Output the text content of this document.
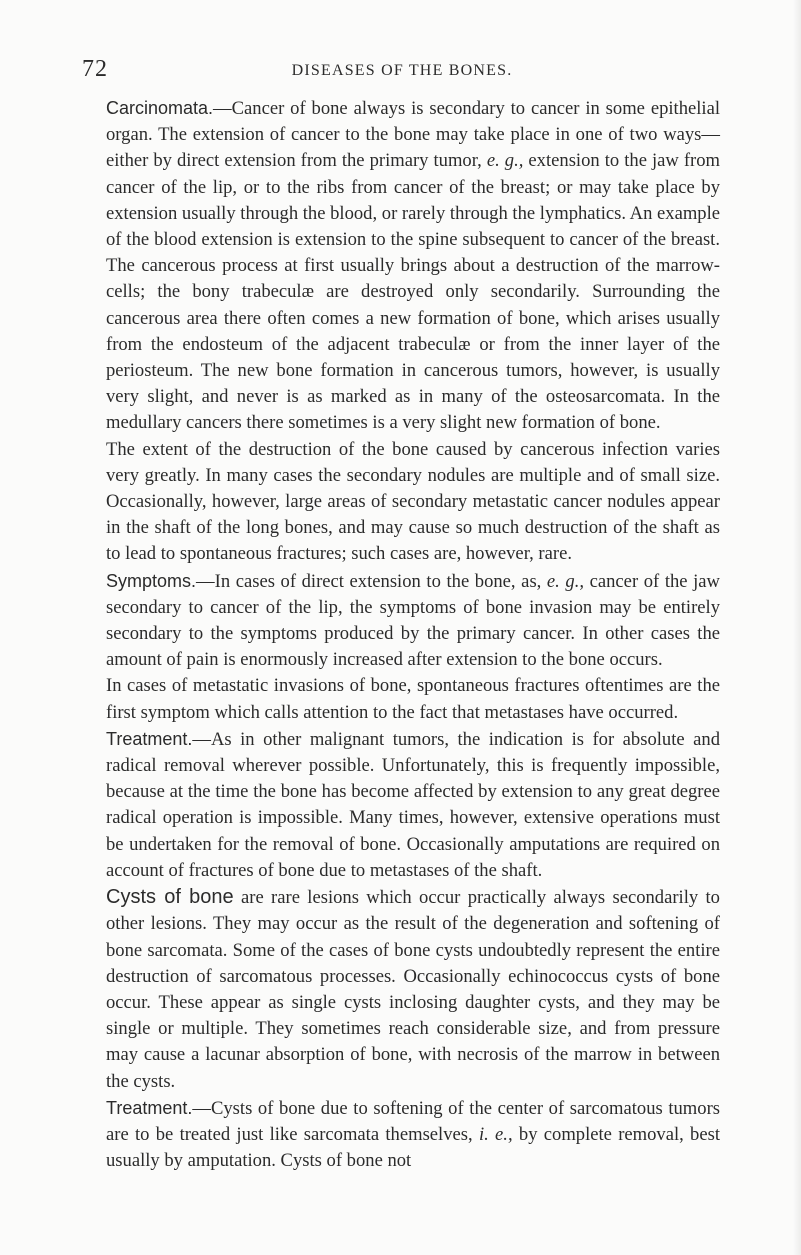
72	DISEASES OF THE BONES.

Carcinomata.—Cancer of bone always is secondary to cancer in some epithelial organ. The extension of cancer to the bone may take place in one of two ways—either by direct extension from the primary tumor, e. g., extension to the jaw from cancer of the lip, or to the ribs from cancer of the breast; or may take place by extension usually through the blood, or rarely through the lymphatics. An example of the blood extension is extension to the spine subsequent to cancer of the breast. The cancerous process at first usually brings about a destruction of the marrow-cells; the bony trabeculæ are destroyed only secondarily. Surrounding the cancerous area there often comes a new formation of bone, which arises usually from the endosteum of the adjacent trabeculæ or from the inner layer of the periosteum. The new bone formation in cancerous tumors, however, is usually very slight, and never is as marked as in many of the osteosarcomata. In the medullary cancers there sometimes is a very slight new formation of bone.

The extent of the destruction of the bone caused by cancerous infection varies very greatly. In many cases the secondary nodules are multiple and of small size. Occasionally, however, large areas of secondary metastatic cancer nodules appear in the shaft of the long bones, and may cause so much destruction of the shaft as to lead to spontaneous fractures; such cases are, however, rare.

Symptoms.—In cases of direct extension to the bone, as, e. g., cancer of the jaw secondary to cancer of the lip, the symptoms of bone invasion may be entirely secondary to the symptoms produced by the primary cancer. In other cases the amount of pain is enormously increased after extension to the bone occurs.

In cases of metastatic invasions of bone, spontaneous fractures oftentimes are the first symptom which calls attention to the fact that metastases have occurred.

Treatment.—As in other malignant tumors, the indication is for absolute and radical removal wherever possible. Unfortunately, this is frequently impossible, because at the time the bone has become affected by extension to any great degree radical operation is impossible. Many times, however, extensive operations must be undertaken for the removal of bone. Occasionally amputations are required on account of fractures of bone due to metastases of the shaft.

Cysts of bone are rare lesions which occur practically always secondarily to other lesions. They may occur as the result of the degeneration and softening of bone sarcomata. Some of the cases of bone cysts undoubtedly represent the entire destruction of sarcomatous processes. Occasionally echinococcus cysts of bone occur. These appear as single cysts inclosing daughter cysts, and they may be single or multiple. They sometimes reach considerable size, and from pressure may cause a lacunar absorption of bone, with necrosis of the marrow in between the cysts.

Treatment.—Cysts of bone due to softening of the center of sarcomatous tumors are to be treated just like sarcomata themselves, i. e., by complete removal, best usually by amputation. Cysts of bone not
